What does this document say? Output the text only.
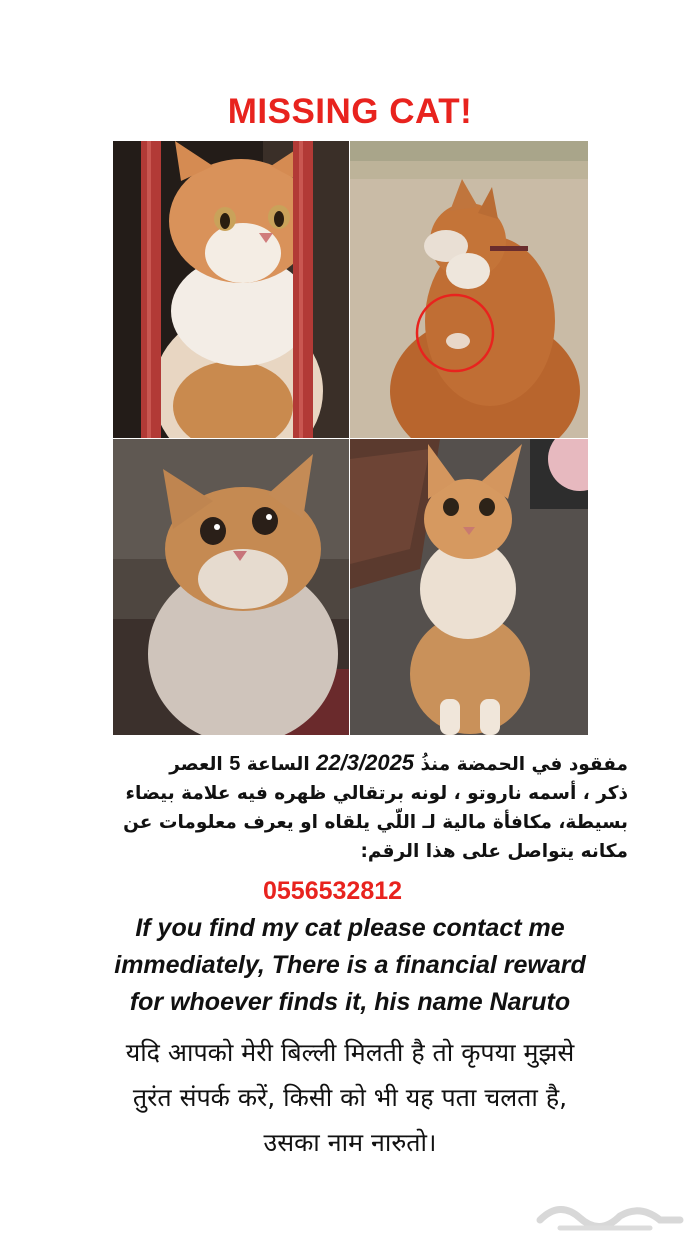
MISSING CAT!
مفقود في الحمضة منذُ 22/3/2025 الساعة 5 العصر
ذكر ، أسمه ناروتو ، لونه برتقالي ظهره فيه علامة بيضاء
بسيطة، مكافأة مالية لـ اللّي يلقاه او يعرف معلومات عن
مكانه يتواصل على هذا الرقم:
0556532812
If you find my cat please contact me
immediately, There is a financial reward
for whoever finds it, his name Naruto
यदि आपको मेरी बिल्ली मिलती है तो कृपया मुझसे
तुरंत संपर्क करें, किसी को भी यह पता चलता है,
उसका नाम नारुतो।
